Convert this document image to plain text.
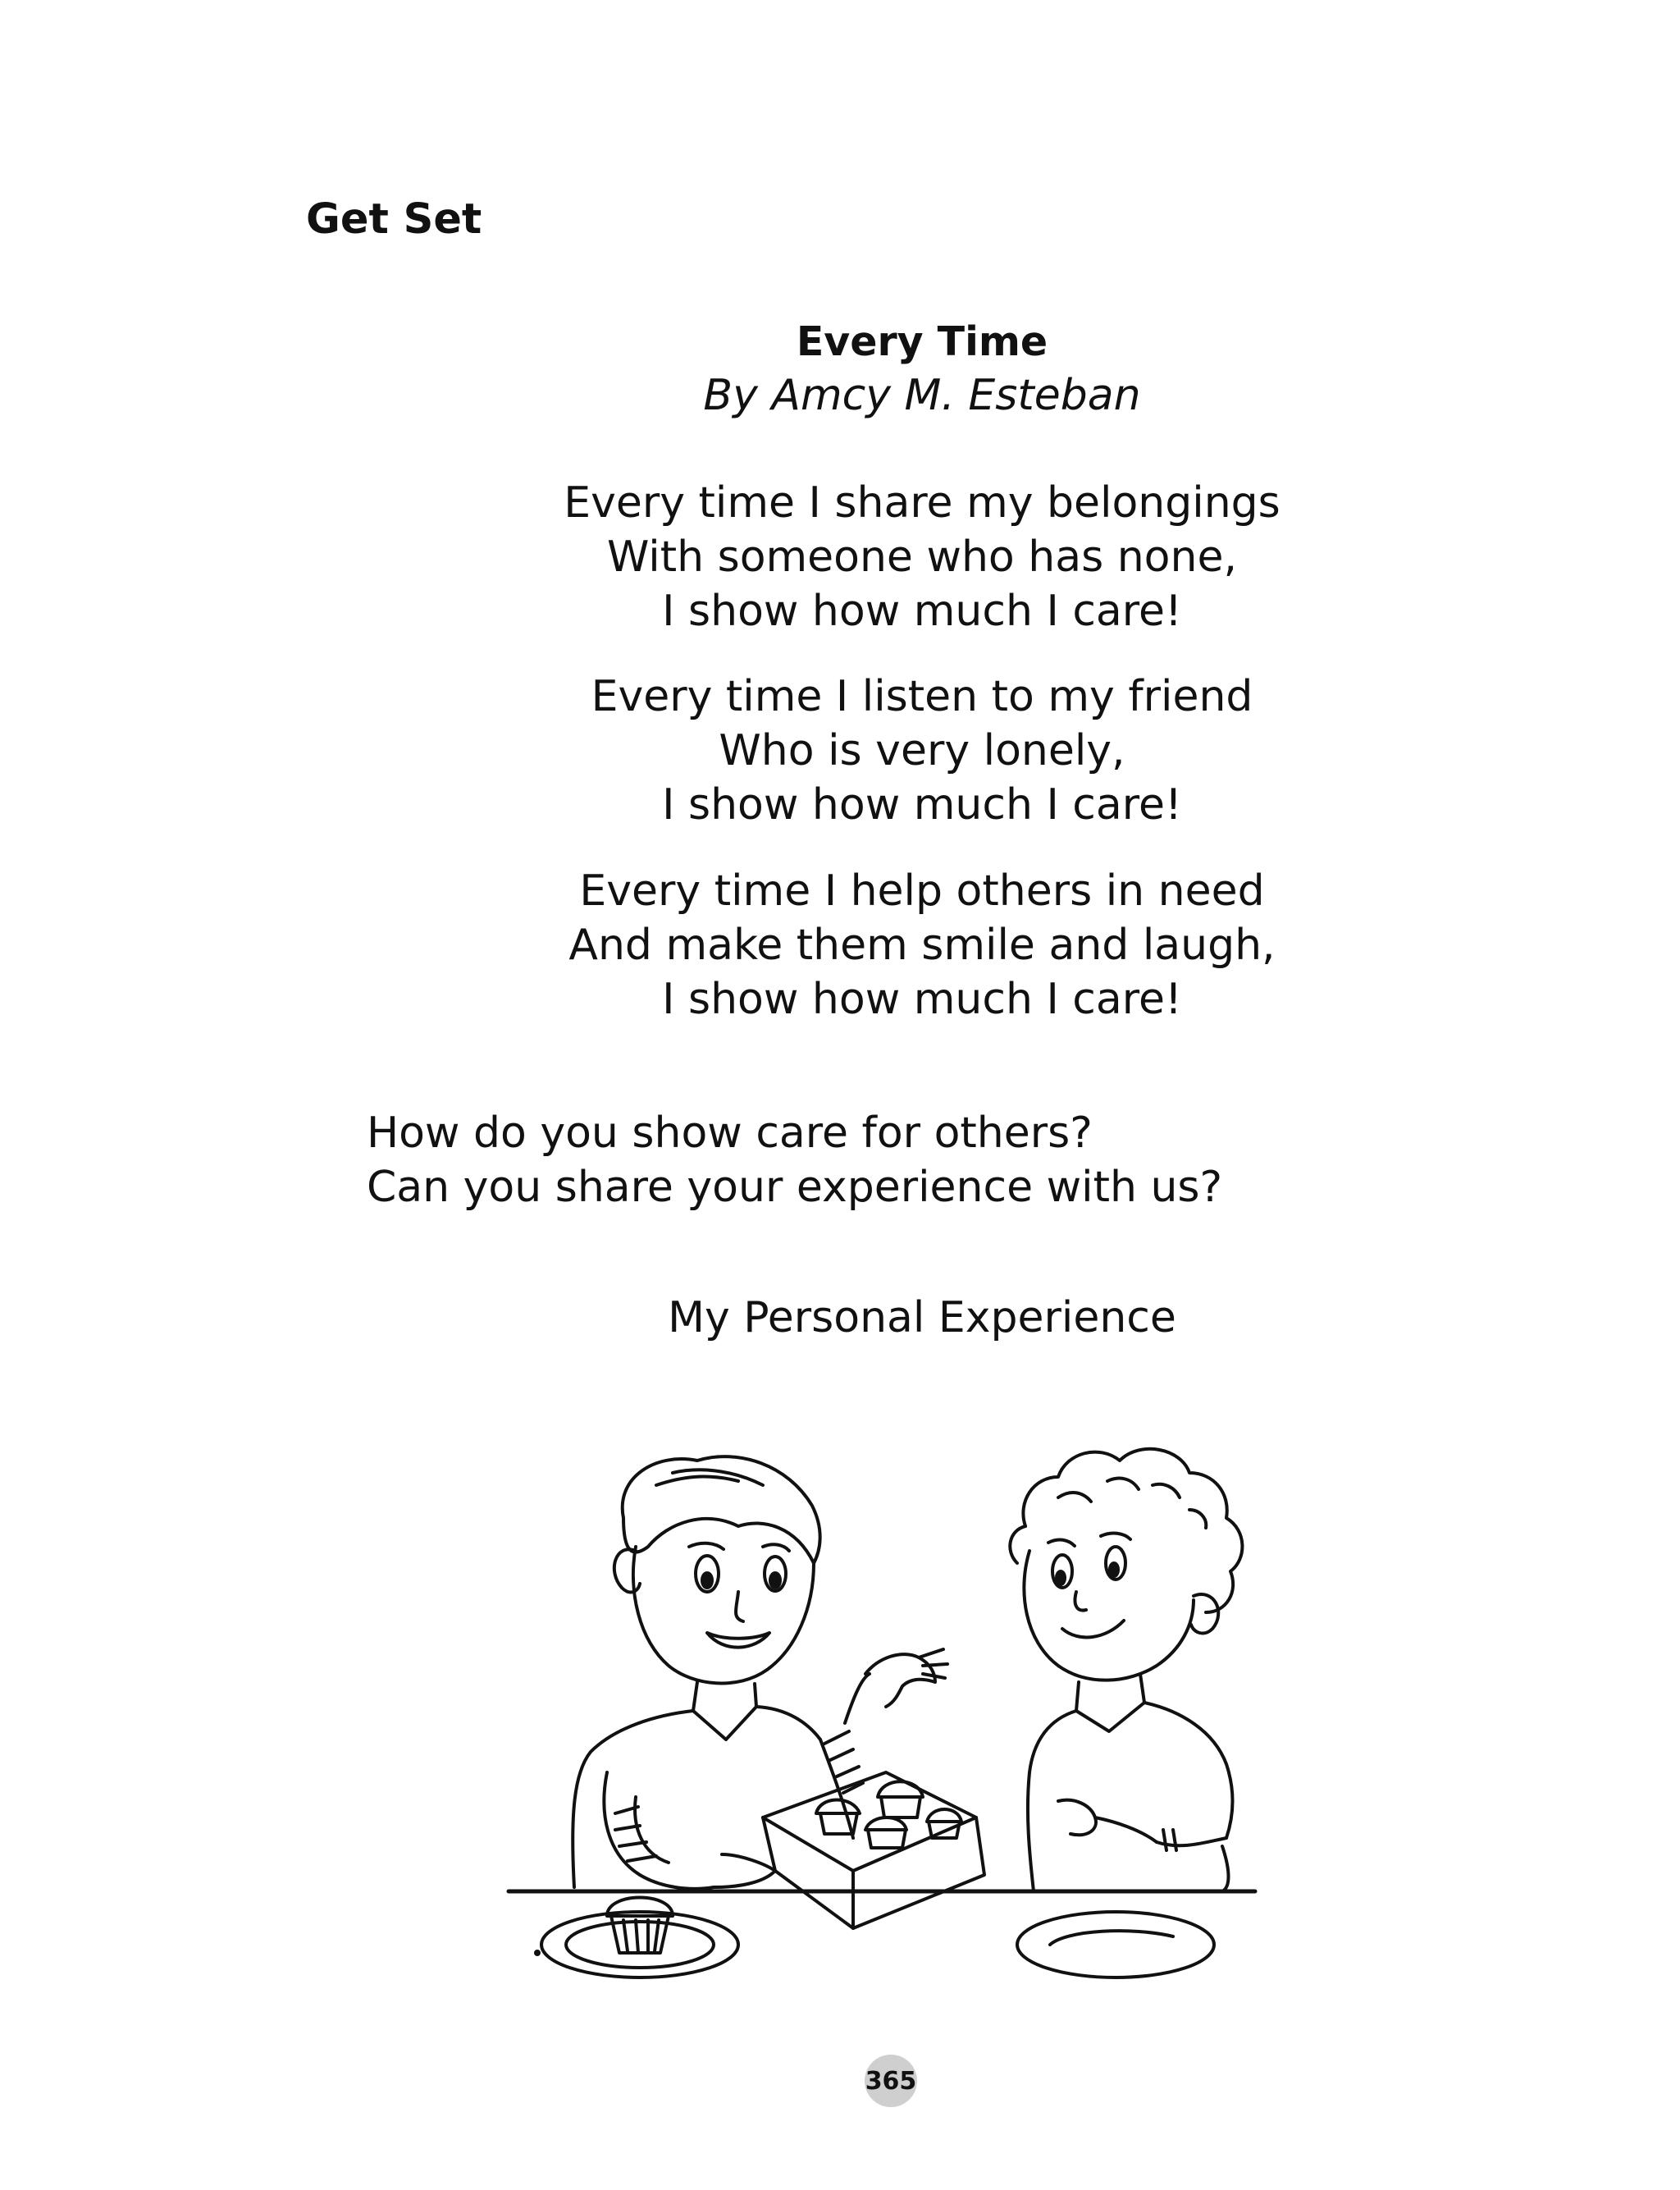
Get Set
Every Time
By Amcy M. Esteban
Every time I share my belongings
With someone who has none,
I show how much I care!
Every time I listen to my friend
Who is very lonely,
I show how much I care!
Every time I help others in need
And make them smile and laugh,
I show how much I care!
How do you show care for others?
Can you share your experience with us?
My Personal Experience
365
